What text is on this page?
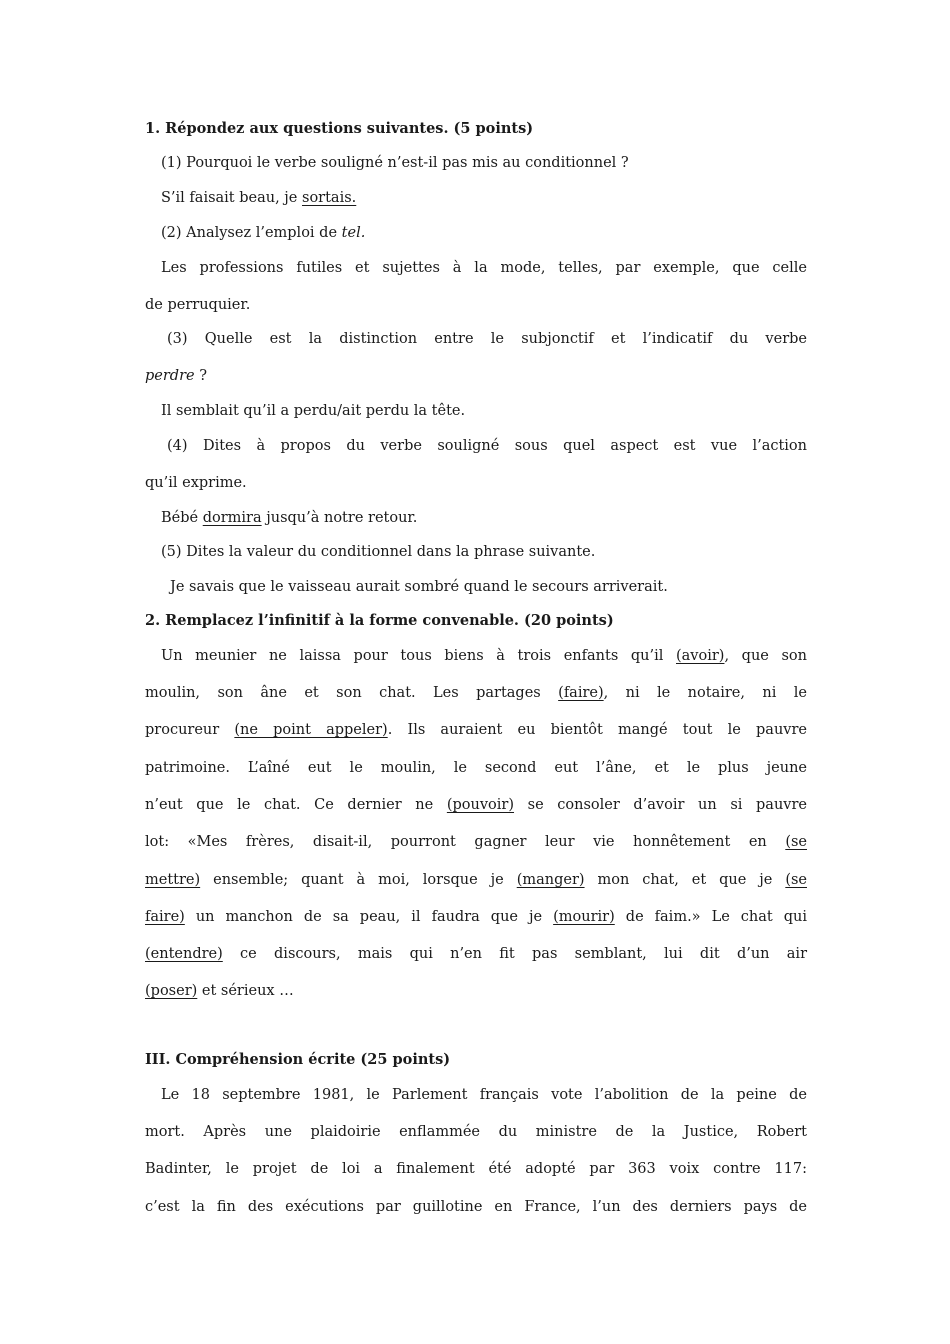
1. Répondez aux questions suivantes. (5 points)
(1) Pourquoi le verbe souligné n’est-il pas mis au conditionnel ?
S’il faisait beau, je sortais.
(2) Analysez l’emploi de tel.
Les professions futiles et sujettes à la mode, telles, par exemple, que celle
de perruquier.
(3) Quelle est la distinction entre le subjonctif et l’indicatif du verbe
perdre ?
Il semblait qu’il a perdu/ait perdu la tête.
(4) Dites à propos du verbe souligné sous quel aspect est vue l’action
qu’il exprime.
Bébé dormira jusqu’à notre retour.
(5) Dites la valeur du conditionnel dans la phrase suivante.
Je savais que le vaisseau aurait sombré quand le secours arriverait.
2. Remplacez l’infinitif à la forme convenable. (20 points)
Un meunier ne laissa pour tous biens à trois enfants qu’il (avoir), que son
moulin, son âne et son chat. Les partages (faire), ni le notaire, ni le
procureur (ne point appeler). Ils auraient eu bientôt mangé tout le pauvre
patrimoine. L’aîné eut le moulin, le second eut l’âne, et le plus jeune
n’eut que le chat. Ce dernier ne (pouvoir) se consoler d’avoir un si pauvre
lot: «Mes frères, disait-il, pourront gagner leur vie honnêtement en (se
mettre) ensemble; quant à moi, lorsque je (manger) mon chat, et que je (se
faire) un manchon de sa peau, il faudra que je (mourir) de faim.» Le chat qui
(entendre) ce discours, mais qui n’en fit pas semblant, lui dit d’un air
(poser) et sérieux …
III. Compréhension écrite (25 points)
Le 18 septembre 1981, le Parlement français vote l’abolition de la peine de
mort. Après une plaidoirie enflammée du ministre de la Justice, Robert
Badinter, le projet de loi a finalement été adopté par 363 voix contre 117:
c’est la fin des exécutions par guillotine en France, l’un des derniers pays de
